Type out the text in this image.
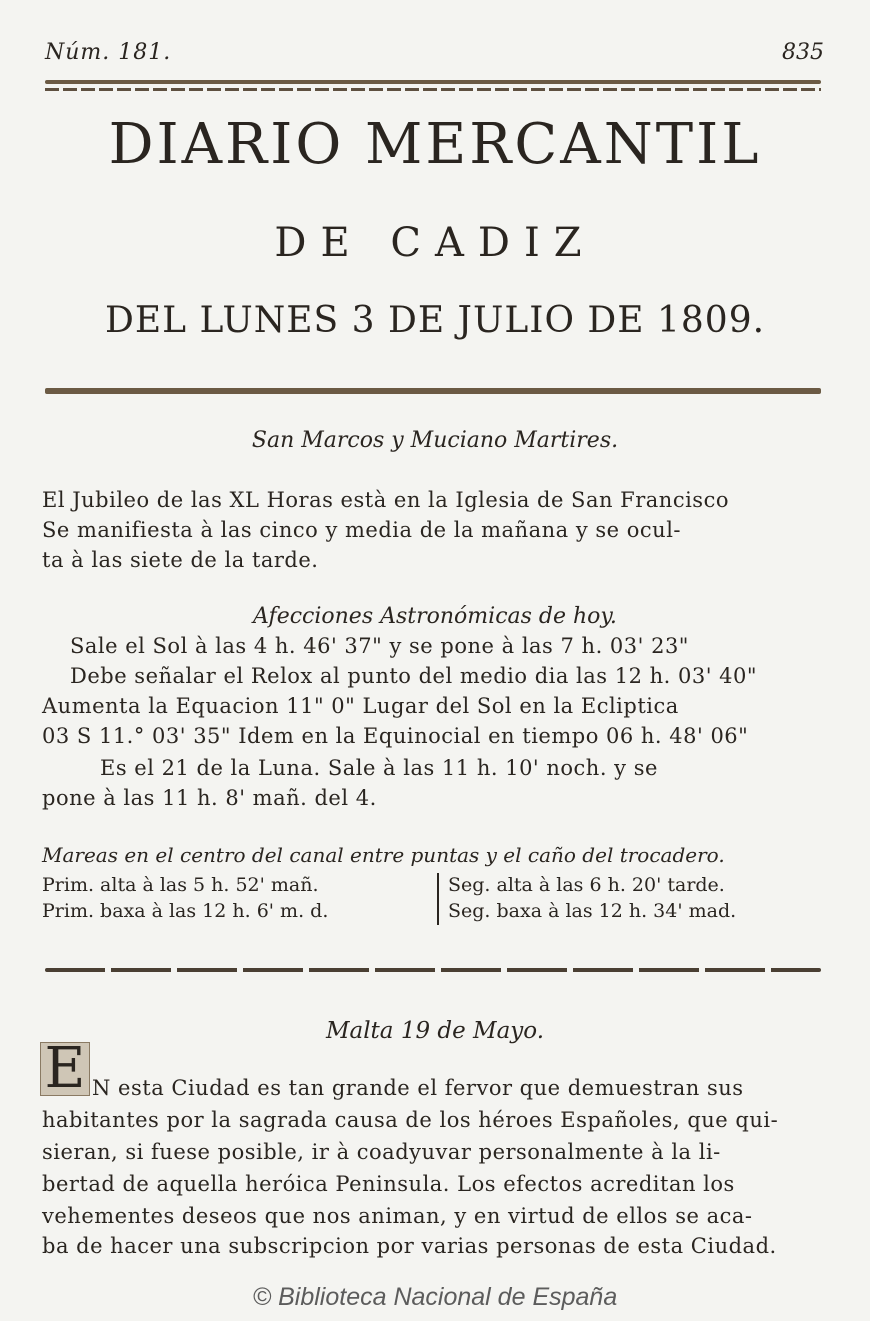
Núm. 181.	835
DIARIO MERCANTIL
DE CADIZ
DEL LUNES 3 DE JULIO DE 1809.
San Marcos y Muciano Martires.
El Jubileo de las XL Horas està en la Iglesia de San Francisco
Se manifiesta à las cinco y media de la mañana y se ocul-
ta à las siete de la tarde.
Afecciones Astronómicas de hoy.
Sale el Sol à las 4 h. 46' 37" y se pone à las 7 h. 03' 23"
Debe señalar el Relox al punto del medio dia las 12 h. 03' 40"
Aumenta la Equacion 11" 0" Lugar del Sol en la Ecliptica
03 S 11.° 03' 35" Idem en la Equinocial en tiempo 06 h. 48' 06"
Es el 21 de la Luna. Sale à las 11 h. 10' noch. y se
pone à las 11 h. 8' mañ. del 4.
Mareas en el centro del canal entre puntas y el caño del trocadero.
Prim. alta à las 5 h. 52' mañ.
Prim. baxa à las 12 h. 6' m. d.
Seg. alta à las 6 h. 20' tarde.
Seg. baxa à las 12 h. 34' mad.
Malta 19 de Mayo.
E N esta Ciudad es tan grande el fervor que demuestran sus
habitantes por la sagrada causa de los héroes Españoles, que qui-
sieran, si fuese posible, ir à coadyuvar personalmente à la li-
bertad de aquella heróica Peninsula. Los efectos acreditan los
vehementes deseos que nos animan, y en virtud de ellos se aca-
ba de hacer una subscripcion por varias personas de esta Ciudad.
© Biblioteca Nacional de España
